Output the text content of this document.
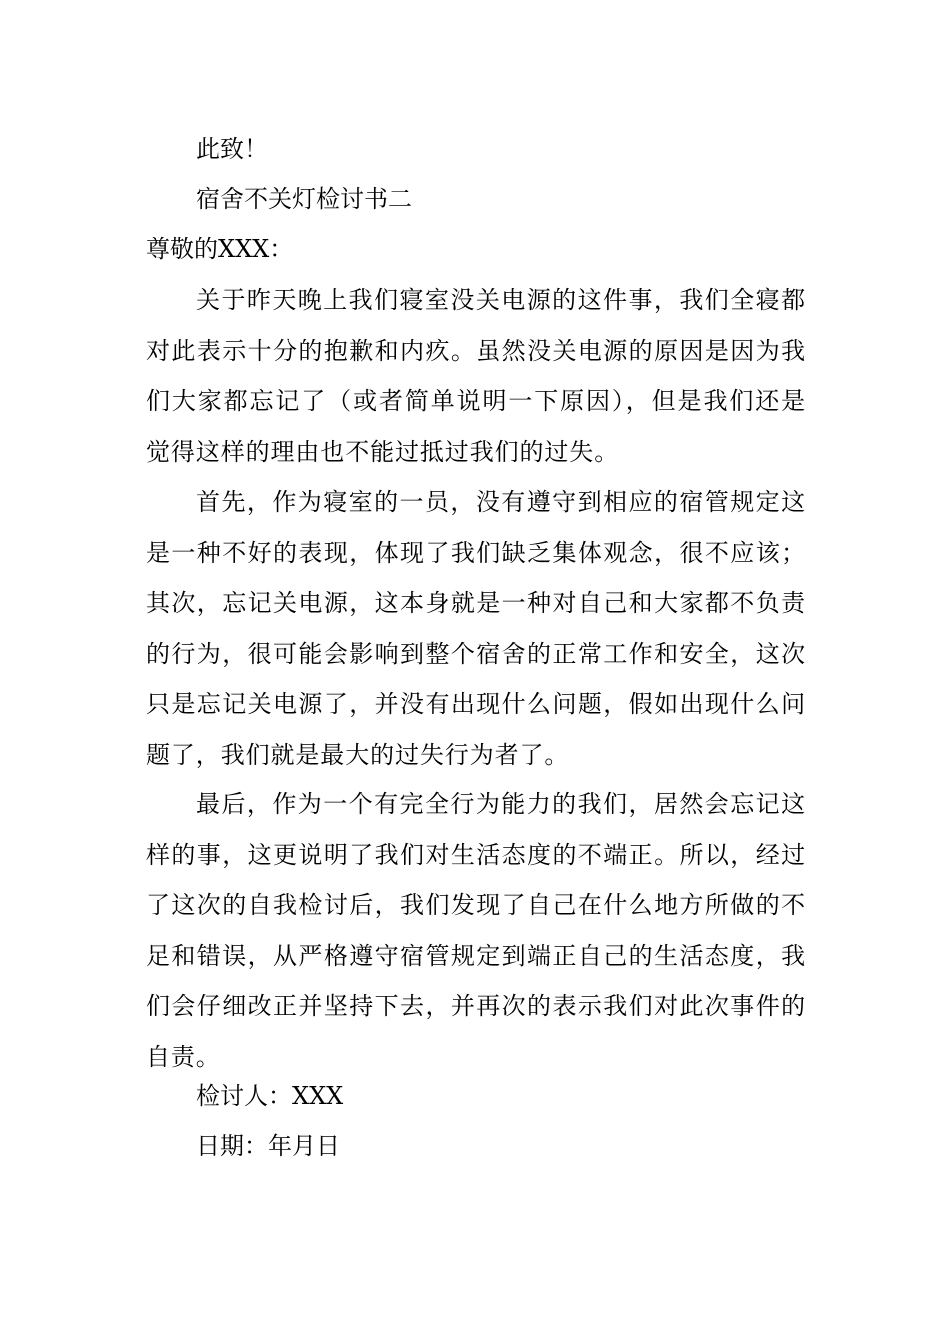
此致！
宿舍不关灯检讨书二
尊敬的XXX：
关于昨天晚上我们寝室没关电源的这件事，我们全寝都对此表示十分的抱歉和内疚。虽然没关电源的原因是因为我们大家都忘记了（或者简单说明一下原因），但是我们还是觉得这样的理由也不能过抵过我们的过失。
首先，作为寝室的一员，没有遵守到相应的宿管规定这是一种不好的表现，体现了我们缺乏集体观念，很不应该；其次，忘记关电源，这本身就是一种对自己和大家都不负责的行为，很可能会影响到整个宿舍的正常工作和安全，这次只是忘记关电源了，并没有出现什么问题，假如出现什么问题了，我们就是最大的过失行为者了。
最后，作为一个有完全行为能力的我们，居然会忘记这样的事，这更说明了我们对生活态度的不端正。所以，经过了这次的自我检讨后，我们发现了自己在什么地方所做的不足和错误，从严格遵守宿管规定到端正自己的生活态度，我们会仔细改正并坚持下去，并再次的表示我们对此次事件的自责。
检讨人：XXX
日期：年月日
